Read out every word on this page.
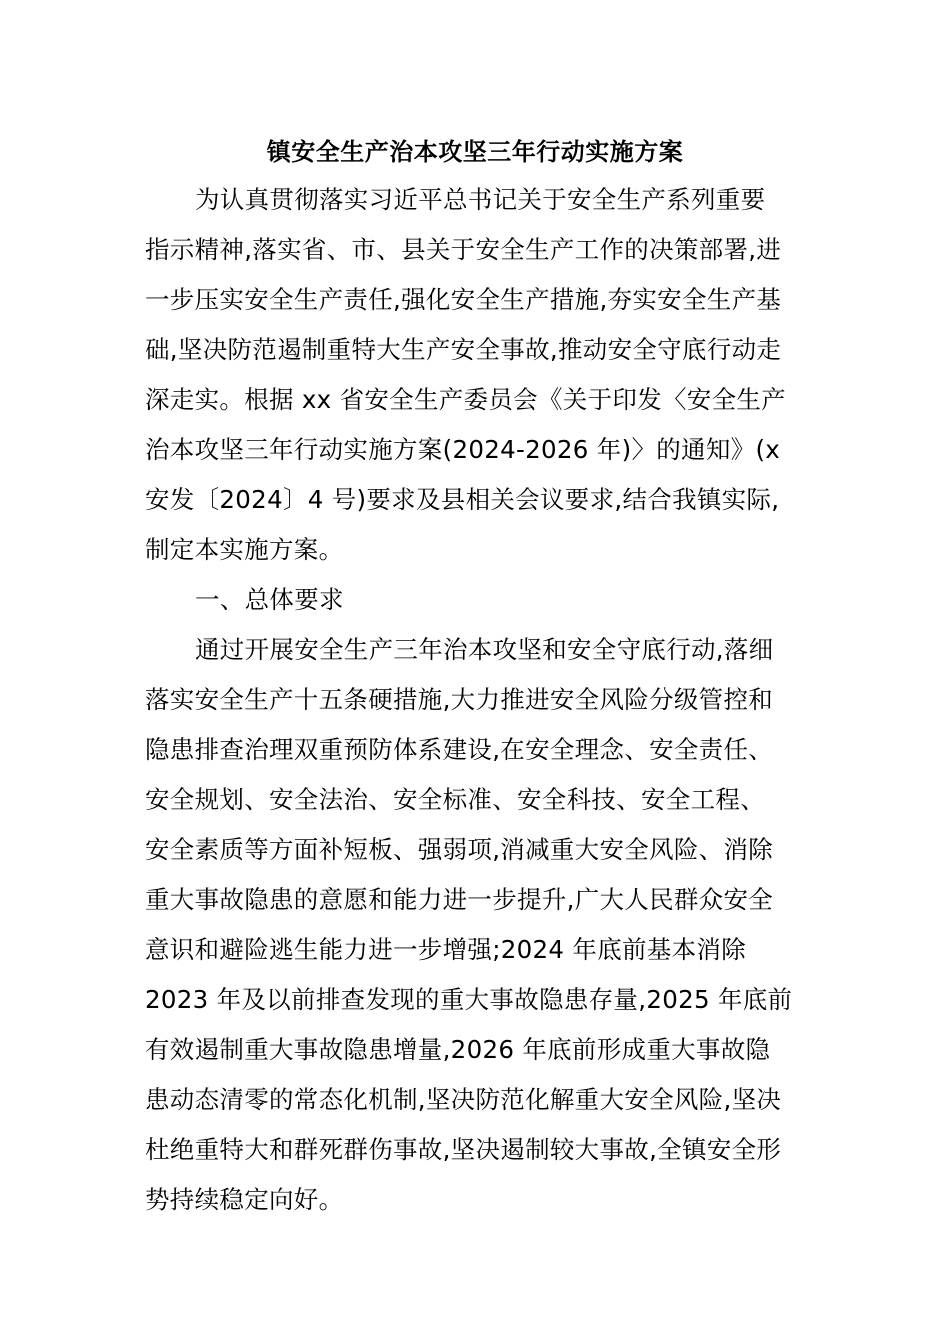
镇安全生产治本攻坚三年行动实施方案
为认真贯彻落实习近平总书记关于安全生产系列重要
指示精神,落实省、市、县关于安全生产工作的决策部署,进
一步压实安全生产责任,强化安全生产措施,夯实安全生产基
础,坚决防范遏制重特大生产安全事故,推动安全守底行动走
深走实。根据 xx 省安全生产委员会《关于印发〈安全生产
治本攻坚三年行动实施方案(2024-2026 年)〉的通知》(x
安发〔2024〕4 号)要求及县相关会议要求,结合我镇实际,
制定本实施方案。
一、总体要求
通过开展安全生产三年治本攻坚和安全守底行动,落细
落实安全生产十五条硬措施,大力推进安全风险分级管控和
隐患排查治理双重预防体系建设,在安全理念、安全责任、
安全规划、安全法治、安全标准、安全科技、安全工程、
安全素质等方面补短板、强弱项,消减重大安全风险、消除
重大事故隐患的意愿和能力进一步提升,广大人民群众安全
意识和避险逃生能力进一步增强;2024 年底前基本消除
2023 年及以前排查发现的重大事故隐患存量,2025 年底前
有效遏制重大事故隐患增量,2026 年底前形成重大事故隐
患动态清零的常态化机制,坚决防范化解重大安全风险,坚决
杜绝重特大和群死群伤事故,坚决遏制较大事故,全镇安全形
势持续稳定向好。
